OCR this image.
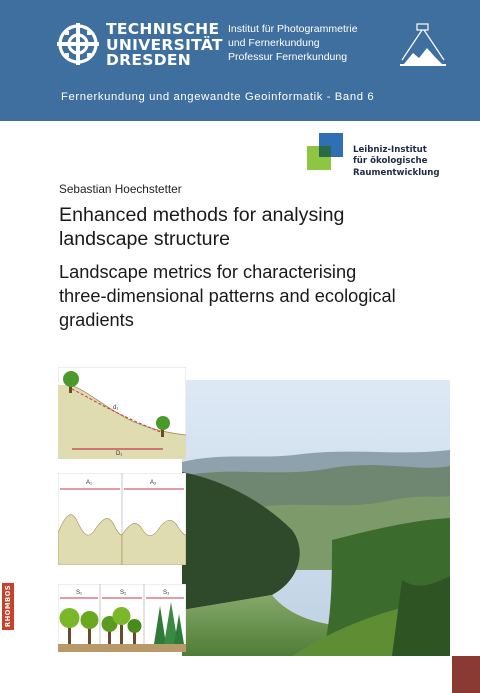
TECHNISCHE
UNIVERSITÄT
DRESDEN
Institut für Photogrammetrie
und Fernerkundung
Professur Fernerkundung
Fernerkundung und angewandte Geoinformatik - Band 6
Leibniz-Institut
für ökologische
Raumentwicklung
Sebastian Hoechstetter
Enhanced methods for analysing
landscape structure
Landscape metrics for characterising
three-dimensional patterns and ecological
gradients
d₁
D₁
A₁	A₂
S₁	S₂	S₃
RHOMBOS
